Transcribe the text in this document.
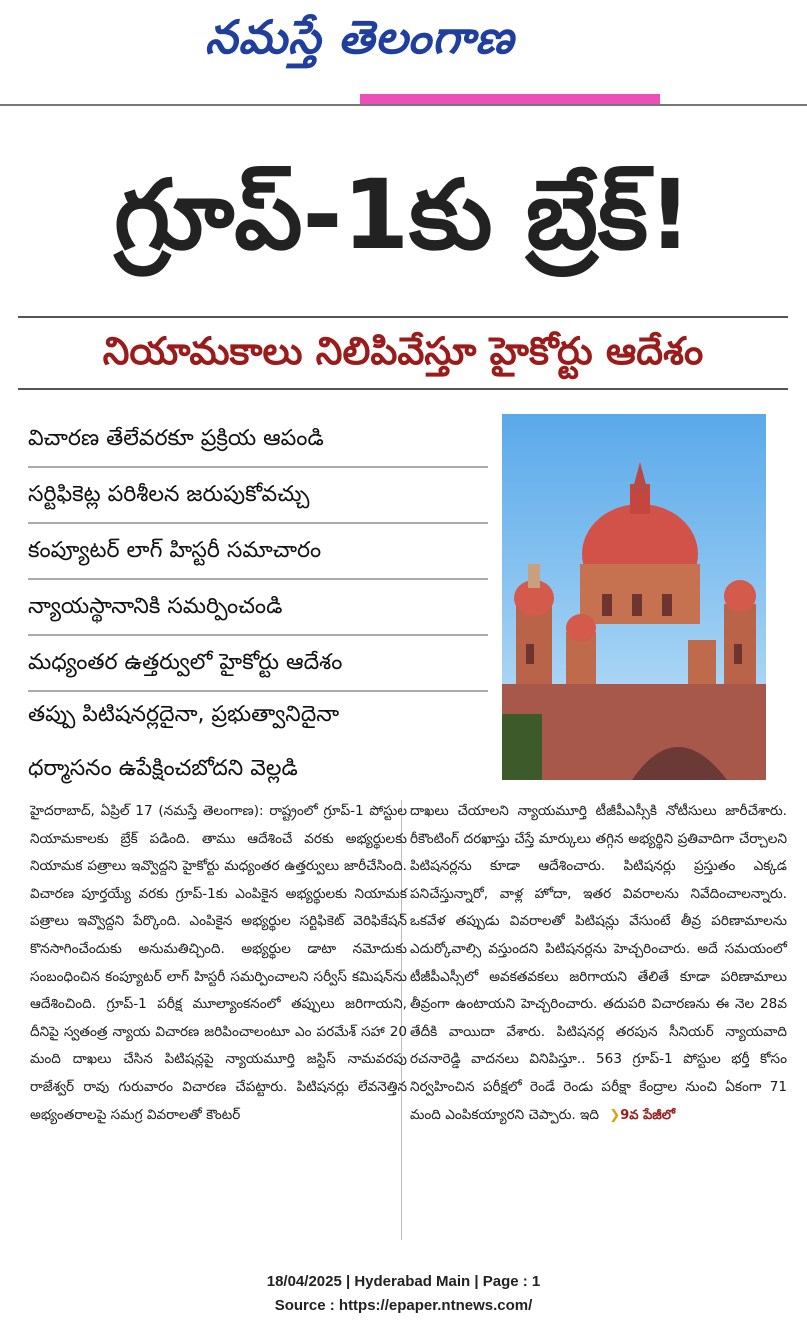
నమస్తే తెలంగాణ
గ్రూప్-1కు బ్రేక్!
నియామకాలు నిలిపివేస్తూ హైకోర్టు ఆదేశం
విచారణ తేలేవరకూ ప్రక్రియ ఆపండి
సర్టిఫికెట్ల పరిశీలన జరుపుకోవచ్చు
కంప్యూటర్ లాగ్ హిస్టరీ సమాచారం
న్యాయస్థానానికి సమర్పించండి
మధ్యంతర ఉత్తర్వులో హైకోర్టు ఆదేశం
తప్పు పిటిషనర్లదైనా, ప్రభుత్వానిదైనా
ధర్మాసనం ఉపేక్షించబోదని వెల్లడి
హైదరాబాద్, ఏప్రిల్ 17 (నమస్తే తెలంగాణ): రాష్ట్రంలో గ్రూప్-1 పోస్టుల నియామకాలకు బ్రేక్ పడింది. తాము ఆదేశించే వరకు అభ్యర్థులకు నియామక పత్రాలు ఇవ్వొద్దని హైకోర్టు మధ్యంతర ఉత్తర్వులు జారీచేసింది. విచారణ పూర్తయ్యే వరకు గ్రూప్-1కు ఎంపికైన అభ్యర్థులకు నియామక పత్రాలు ఇవ్వొద్దని పేర్కొంది. ఎంపికైన అభ్యర్థుల సర్టిఫికెట్ వెరిఫికేషన్ కొనసాగించేందుకు అనుమతిచ్చింది. అభ్యర్థుల డాటా నమోదుకు సంబంధించిన కంప్యూటర్ లాగ్ హిస్టరీ సమర్పించాలని సర్వీస్ కమిషన్‌ను ఆదేశించింది. గ్రూప్-1 పరీక్ష మూల్యాంకనంలో తప్పులు జరిగాయని, దీనిపై స్వతంత్ర న్యాయ విచారణ జరిపించాలంటూ ఎం పరమేశ్ సహా 20 మంది దాఖలు చేసిన పిటిషన్లపై న్యాయమూర్తి జస్టిస్ నామవరపు రాజేశ్వర్ రావు గురువారం విచారణ చేపట్టారు. పిటిషనర్లు లేవనెత్తిన అభ్యంతరాలపై సమగ్ర వివరాలతో కౌంటర్
దాఖలు చేయాలని న్యాయమూర్తి టీజీపీఎస్సీకి నోటీసులు జారీచేశారు. రీకౌంటింగ్ దరఖాస్తు చేస్తే మార్కులు తగ్గిన అభ్యర్థిని ప్రతివాదిగా చేర్చాలని పిటిషనర్లను కూడా ఆదేశించారు. పిటిషనర్లు ప్రస్తుతం ఎక్కడ పనిచేస్తున్నారో, వాళ్ల హోదా, ఇతర వివరాలను నివేదించాలన్నారు. ఒకవేళ తప్పుడు వివరాలతో పిటిషన్లు వేసుంటే తీవ్ర పరిణామాలను ఎదుర్కోవాల్సి వస్తుందని పిటిషనర్లను హెచ్చరించారు. అదే సమయంలో టీజీపీఎస్సీలో అవకతవకలు జరిగాయని తేలితే కూడా పరిణామాలు తీవ్రంగా ఉంటాయని హెచ్చరించారు. తదుపరి విచారణను ఈ నెల 28వ తేదీకి వాయిదా వేశారు. పిటిషనర్ల తరపున సీనియర్ న్యాయవాది రచనారెడ్డి వాదనలు వినిపిస్తూ.. 563 గ్రూప్-1 పోస్టుల భర్తీ కోసం నిర్వహించిన పరీక్షలో రెండే రెండు పరీక్షా కేంద్రాల నుంచి ఏకంగా 71 మంది ఎంపికయ్యారని చెప్పారు. ఇది ❯9వ పేజీలో
18/04/2025 | Hyderabad Main | Page : 1
Source : https://epaper.ntnews.com/
